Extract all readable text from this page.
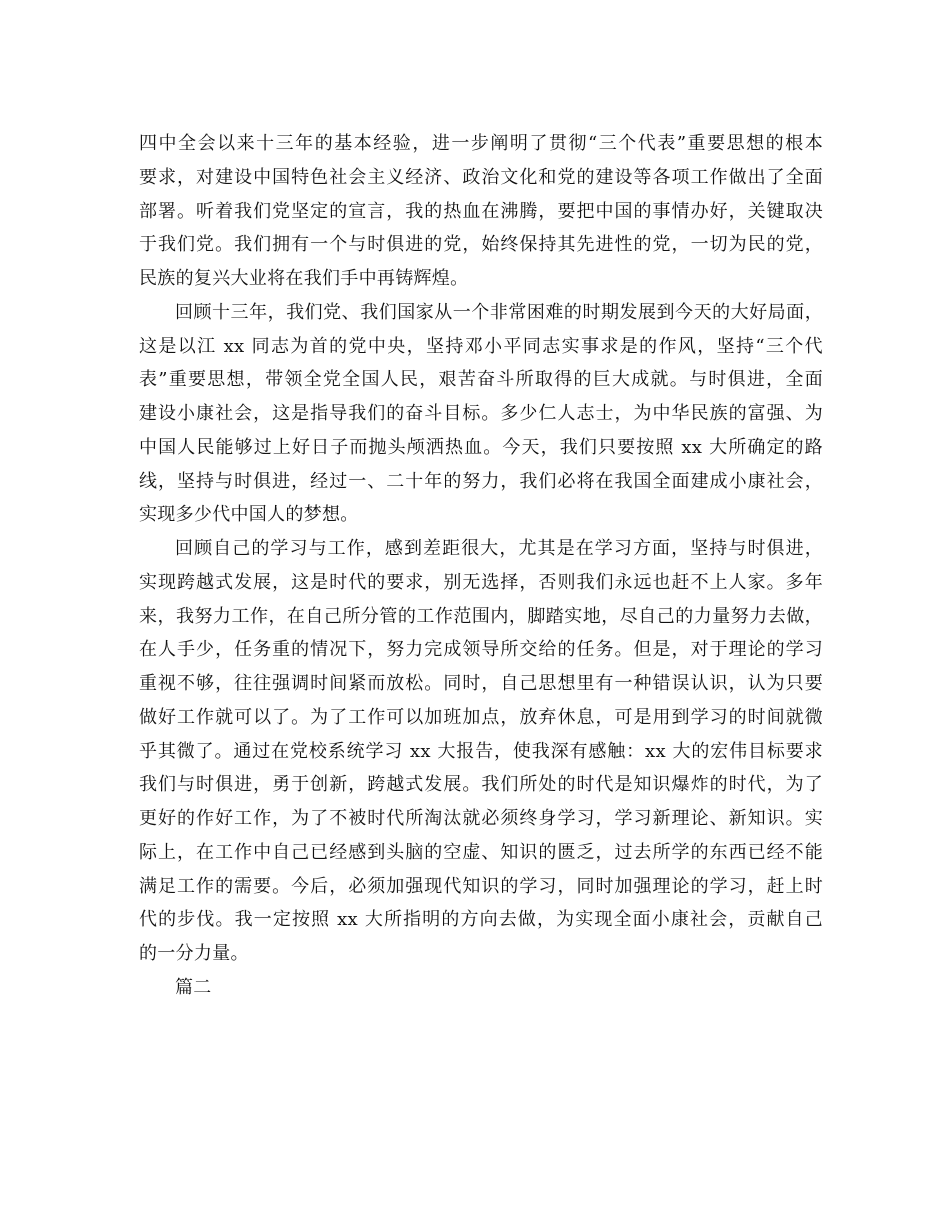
四中全会以来十三年的基本经验，进一步阐明了贯彻“三个代表”重要思想的根本
要求，对建设中国特色社会主义经济、政治文化和党的建设等各项工作做出了全面
部署。听着我们党坚定的宣言，我的热血在沸腾，要把中国的事情办好，关键取决
于我们党。我们拥有一个与时俱进的党，始终保持其先进性的党，一切为民的党，
民族的复兴大业将在我们手中再铸辉煌。
回顾十三年，我们党、我们国家从一个非常困难的时期发展到今天的大好局面，
这是以江 xx 同志为首的党中央，坚持邓小平同志实事求是的作风，坚持“三个代
表”重要思想，带领全党全国人民，艰苦奋斗所取得的巨大成就。与时俱进，全面
建设小康社会，这是指导我们的奋斗目标。多少仁人志士，为中华民族的富强、为
中国人民能够过上好日子而抛头颅洒热血。今天，我们只要按照 xx 大所确定的路
线，坚持与时俱进，经过一、二十年的努力，我们必将在我国全面建成小康社会，
实现多少代中国人的梦想。
回顾自己的学习与工作，感到差距很大，尤其是在学习方面，坚持与时俱进，
实现跨越式发展，这是时代的要求，别无选择，否则我们永远也赶不上人家。多年
来，我努力工作，在自己所分管的工作范围内，脚踏实地，尽自己的力量努力去做，
在人手少，任务重的情况下，努力完成领导所交给的任务。但是，对于理论的学习
重视不够，往往强调时间紧而放松。同时，自己思想里有一种错误认识，认为只要
做好工作就可以了。为了工作可以加班加点，放弃休息，可是用到学习的时间就微
乎其微了。通过在党校系统学习 xx 大报告，使我深有感触：xx 大的宏伟目标要求
我们与时俱进，勇于创新，跨越式发展。我们所处的时代是知识爆炸的时代，为了
更好的作好工作，为了不被时代所淘汰就必须终身学习，学习新理论、新知识。实
际上，在工作中自己已经感到头脑的空虚、知识的匮乏，过去所学的东西已经不能
满足工作的需要。今后，必须加强现代知识的学习，同时加强理论的学习，赶上时
代的步伐。我一定按照 xx 大所指明的方向去做，为实现全面小康社会，贡献自己
的一分力量。
篇二
